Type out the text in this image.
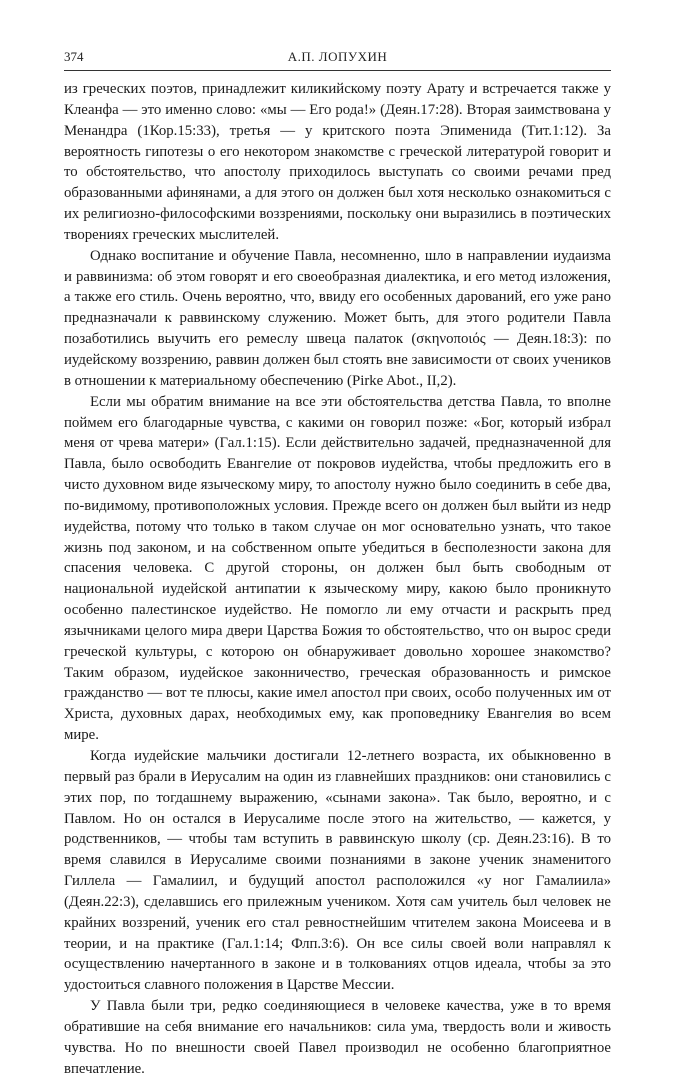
374	А.П. ЛОПУХИН

из греческих поэтов, принадлежит киликийскому поэту Арату и встречается также у Клеанфа — это именно слово: «мы — Его рода!» (Деян.17:28). Вторая заимствована у Менандра (1Кор.15:33), третья — у критского поэта Эпименида (Тит.1:12). За вероятность гипотезы о его некотором знакомстве с греческой литературой говорит и то обстоятельство, что апостолу приходилось выступать со своими речами пред образованными афинянами, а для этого он должен был хотя несколько ознакомиться с их религиозно-философскими воззрениями, поскольку они выразились в поэтических творениях греческих мыслителей.

Однако воспитание и обучение Павла, несомненно, шло в направлении иудаизма и раввинизма: об этом говорят и его своеобразная диалектика, и его метод изложения, а также его стиль. Очень вероятно, что, ввиду его особенных дарований, его уже рано предназначали к раввинскому служению. Может быть, для этого родители Павла позаботились выучить его ремеслу швеца палаток (σκηνοποιός — Деян.18:3): по иудейскому воззрению, раввин должен был стоять вне зависимости от своих учеников в отношении к материальному обеспечению (Pirke Abot., II,2).

Если мы обратим внимание на все эти обстоятельства детства Павла, то вполне поймем его благодарные чувства, с какими он говорил позже: «Бог, который избрал меня от чрева матери» (Гал.1:15). Если действительно задачей, предназначенной для Павла, было освободить Евангелие от покровов иудейства, чтобы предложить его в чисто духовном виде языческому миру, то апостолу нужно было соединить в себе два, по-видимому, противоположных условия. Прежде всего он должен был выйти из недр иудейства, потому что только в таком случае он мог основательно узнать, что такое жизнь под законом, и на собственном опыте убедиться в бесполезности закона для спасения человека. С другой стороны, он должен был быть свободным от национальной иудейской антипатии к языческому миру, какою было проникнуто особенно палестинское иудейство. Не помогло ли ему отчасти и раскрыть пред язычниками целого мира двери Царства Божия то обстоятельство, что он вырос среди греческой культуры, с которою он обнаруживает довольно хорошее знакомство? Таким образом, иудейское законничество, греческая образованность и римское гражданство — вот те плюсы, какие имел апостол при своих, особо полученных им от Христа, духовных дарах, необходимых ему, как проповеднику Евангелия во всем мире.

Когда иудейские мальчики достигали 12-летнего возраста, их обыкновенно в первый раз брали в Иерусалим на один из главнейших праздников: они становились с этих пор, по тогдашнему выражению, «сынами закона». Так было, вероятно, и с Павлом. Но он остался в Иерусалиме после этого на жительство, — кажется, у родственников, — чтобы там вступить в раввинскую школу (ср. Деян.23:16). В то время славился в Иерусалиме своими познаниями в законе ученик знаменитого Гиллела — Гамалиил, и будущий апостол расположился «у ног Гамалиила» (Деян.22:3), сделавшись его прилежным учеником. Хотя сам учитель был человек не крайних воззрений, ученик его стал ревностнейшим чтителем закона Моисеева и в теории, и на практике (Гал.1:14; Флп.3:6). Он все силы своей воли направлял к осуществлению начертанного в законе и в толкованиях отцов идеала, чтобы за это удостоиться славного положения в Царстве Мессии.

У Павла были три, редко соединяющиеся в человеке качества, уже в то время обратившие на себя внимание его начальников: сила ума, твердость воли и живость чувства. Но по внешности своей Павел производил не особенно благоприятное впечатление.
